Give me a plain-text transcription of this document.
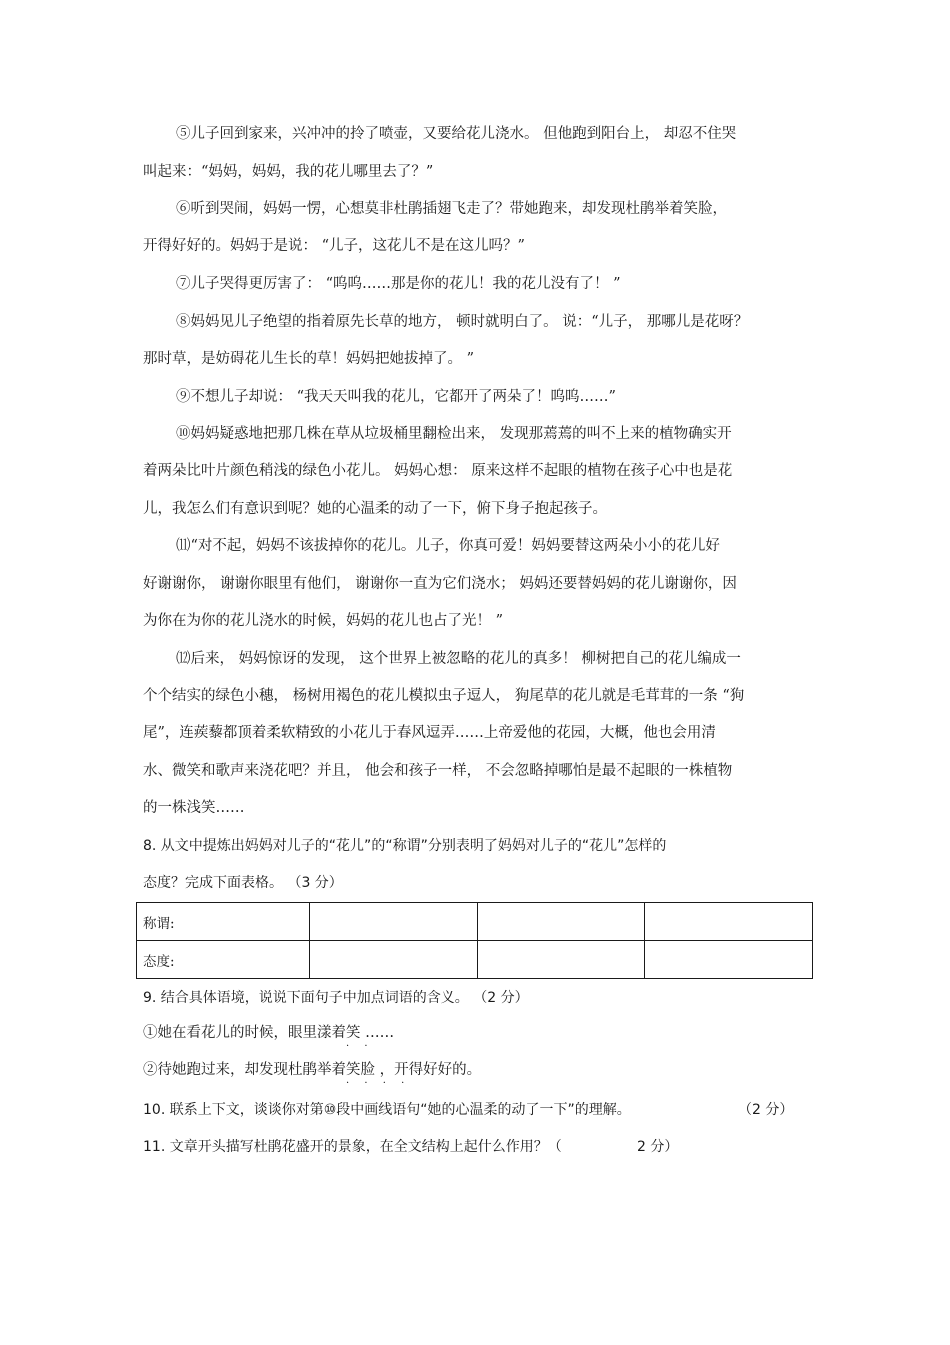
⑤儿子回到家来，兴冲冲的拎了喷壶，又要给花儿浇水。 但他跑到阳台上， 却忍不住哭
叫起来：“妈妈，妈妈，我的花儿哪里去了？”
⑥听到哭闹，妈妈一愣，心想莫非杜鹃插翅飞走了？带她跑来，却发现杜鹃举着笑脸，
开得好好的。妈妈于是说： “儿子，这花儿不是在这儿吗？”
⑦儿子哭得更厉害了： “呜呜……那是你的花儿！我的花儿没有了！ ”
⑧妈妈见儿子绝望的指着原先长草的地方， 顿时就明白了。 说：“儿子， 那哪儿是花呀？
那时草，是妨碍花儿生长的草！妈妈把她拔掉了。 ”
⑨不想儿子却说： “我天天叫我的花儿，它都开了两朵了！呜呜……”
⑩妈妈疑惑地把那几株在草从垃圾桶里翻检出来， 发现那蔫蔫的叫不上来的植物确实开
着两朵比叶片颜色稍浅的绿色小花儿。 妈妈心想： 原来这样不起眼的植物在孩子心中也是花
儿，我怎么们有意识到呢？她的心温柔的动了一下，俯下身子抱起孩子。
⑾“对不起，妈妈不该拔掉你的花儿。儿子，你真可爱！妈妈要替这两朵小小的花儿好
好谢谢你， 谢谢你眼里有他们， 谢谢你一直为它们浇水； 妈妈还要替妈妈的花儿谢谢你，因
为你在为你的花儿浇水的时候，妈妈的花儿也占了光！ ”
⑿后来， 妈妈惊讶的发现， 这个世界上被忽略的花儿的真多！ 柳树把自己的花儿编成一
个个结实的绿色小穗， 杨树用褐色的花儿模拟虫子逗人， 狗尾草的花儿就是毛茸茸的一条 “狗
尾”，连蒺藜都顶着柔软精致的小花儿于春风逗弄……上帝爱他的花园，大概，他也会用清
水、微笑和歌声来浇花吧？并且， 他会和孩子一样， 不会忽略掉哪怕是最不起眼的一株植物
的一株浅笑……
8. 从文中提炼出妈妈对儿子的“花儿”的“称谓”分别表明了妈妈对儿子的“花儿”怎样的
态度？完成下面表格。 （3 分）
称谓:			
态度:			
9. 结合具体语境，说说下面句子中加点词语的含义。 （2 分）
①她在看花儿的时候，眼里漾着笑
· ·
……
②待她跑过来，却发现杜鹃举着笑脸
· · · ·
，开得好好的。
10. 联系上下文，谈谈你对第⑩段中画线语句“她的心温柔的动了一下”的理解。	（2 分）
11. 文章开头描写杜鹃花盛开的景象，在全文结构上起什么作用？（	2 分）
